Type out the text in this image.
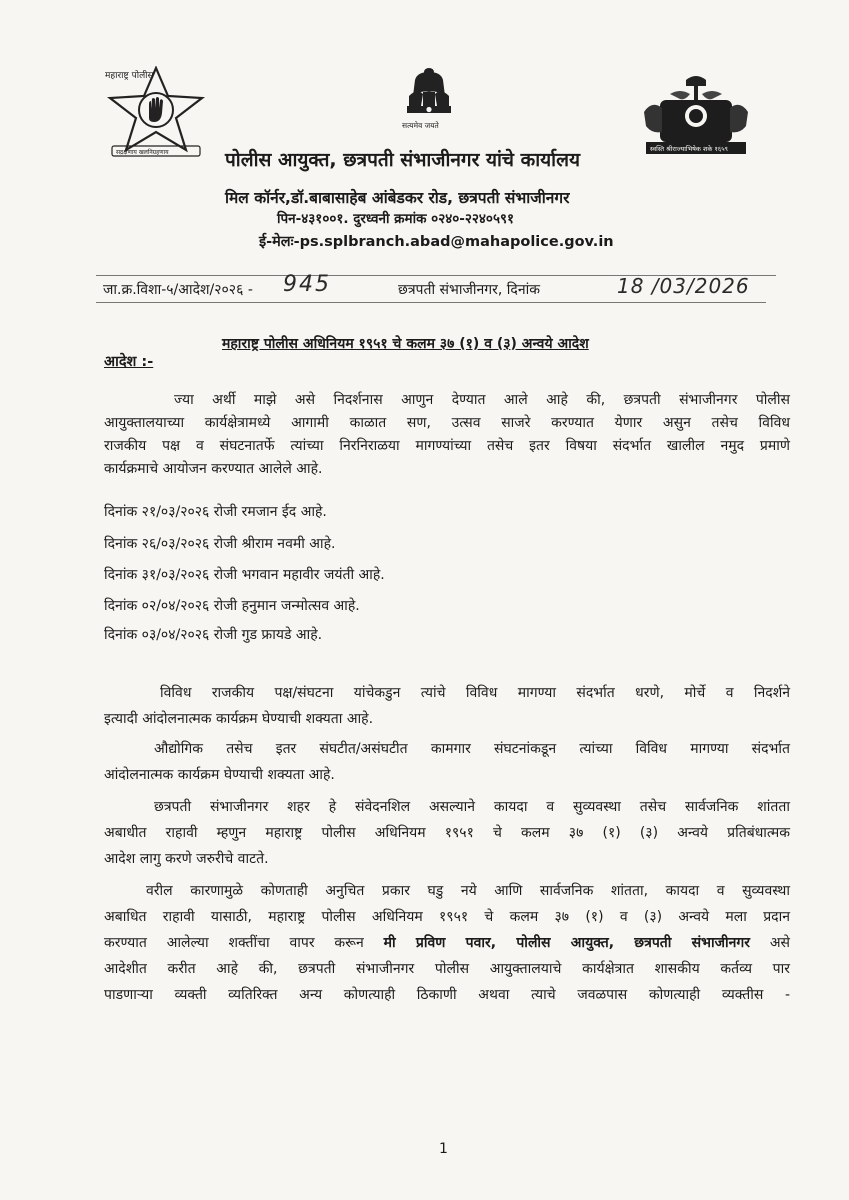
महाराष्ट्र पोलीस
सद्रक्षणाय खलनिग्रहणाय
सत्यमेव जयते
स्वस्ति श्रीराज्याभिषेक शके १६५९
पोलीस आयुक्त, छत्रपती संभाजीनगर यांचे कार्यालय
मिल कॉर्नर,डॉ.बाबासाहेब आंबेडकर रोड, छत्रपती संभाजीनगर
पिन-४३१००१. दुरध्वनी क्रमांक ०२४०-२२४०५९१
ई-मेलः-ps.splbranch.abad@mahapolice.gov.in
जा.क्र.विशा-५/आदेश/२०२६ - 945	छत्रपती संभाजीनगर, दिनांक	18 /03/2026
महाराष्ट्र पोलीस अधिनियम १९५१ चे कलम ३७ (१) व (३) अन्वये आदेश
आदेश :-
ज्या अर्थी माझे असे निदर्शनास आणुन देण्यात आले आहे की, छत्रपती संभाजीनगर पोलीस
आयुक्तालयाच्या कार्यक्षेत्रामध्ये आगामी काळात सण, उत्सव साजरे करण्यात येणार असुन तसेच विविध
राजकीय पक्ष व संघटनातर्फे त्यांच्या निरनिराळया मागण्यांच्या तसेच इतर विषया संदर्भात खालील नमुद प्रमाणे
कार्यक्रमाचे आयोजन करण्यात आलेले आहे.
दिनांक २१/०३/२०२६ रोजी रमजान ईद आहे.
दिनांक २६/०३/२०२६ रोजी श्रीराम नवमी आहे.
दिनांक ३१/०३/२०२६ रोजी भगवान महावीर जयंती आहे.
दिनांक ०२/०४/२०२६ रोजी हनुमान जन्मोत्सव आहे.
दिनांक ०३/०४/२०२६ रोजी गुड फ्रायडे आहे.
विविध राजकीय पक्ष/संघटना यांचेकडुन त्यांचे विविध मागण्या संदर्भात धरणे, मोर्चे व निदर्शने
इत्यादी आंदोलनात्मक कार्यक्रम घेण्याची शक्यता आहे.
औद्योगिक तसेच इतर संघटीत/असंघटीत कामगार संघटनांकडून त्यांच्या विविध मागण्या संदर्भात
आंदोलनात्मक कार्यक्रम घेण्याची शक्यता आहे.
छत्रपती संभाजीनगर शहर हे संवेदनशिल असल्याने कायदा व सुव्यवस्था तसेच सार्वजनिक शांतता
अबाधीत राहावी म्हणुन महाराष्ट्र पोलीस अधिनियम १९५१ चे कलम ३७ (१) (३) अन्वये प्रतिबंधात्मक
आदेश लागु करणे जरुरीचे वाटते.
वरील कारणामुळे कोणताही अनुचित प्रकार घडु नये आणि सार्वजनिक शांतता, कायदा व सुव्यवस्था
अबाधित राहावी यासाठी, महाराष्ट्र पोलीस अधिनियम १९५१ चे कलम ३७ (१) व (३) अन्वये मला प्रदान
करण्यात आलेल्या शक्तींचा वापर करून मी प्रविण पवार, पोलीस आयुक्त, छत्रपती संभाजीनगर असे
आदेशीत करीत आहे की, छत्रपती संभाजीनगर पोलीस आयुक्तालयाचे कार्यक्षेत्रात शासकीय कर्तव्य पार
पाडणाऱ्या व्यक्ती व्यतिरिक्त अन्य कोणत्याही ठिकाणी अथवा त्याचे जवळपास कोणत्याही व्यक्तीस -
1
